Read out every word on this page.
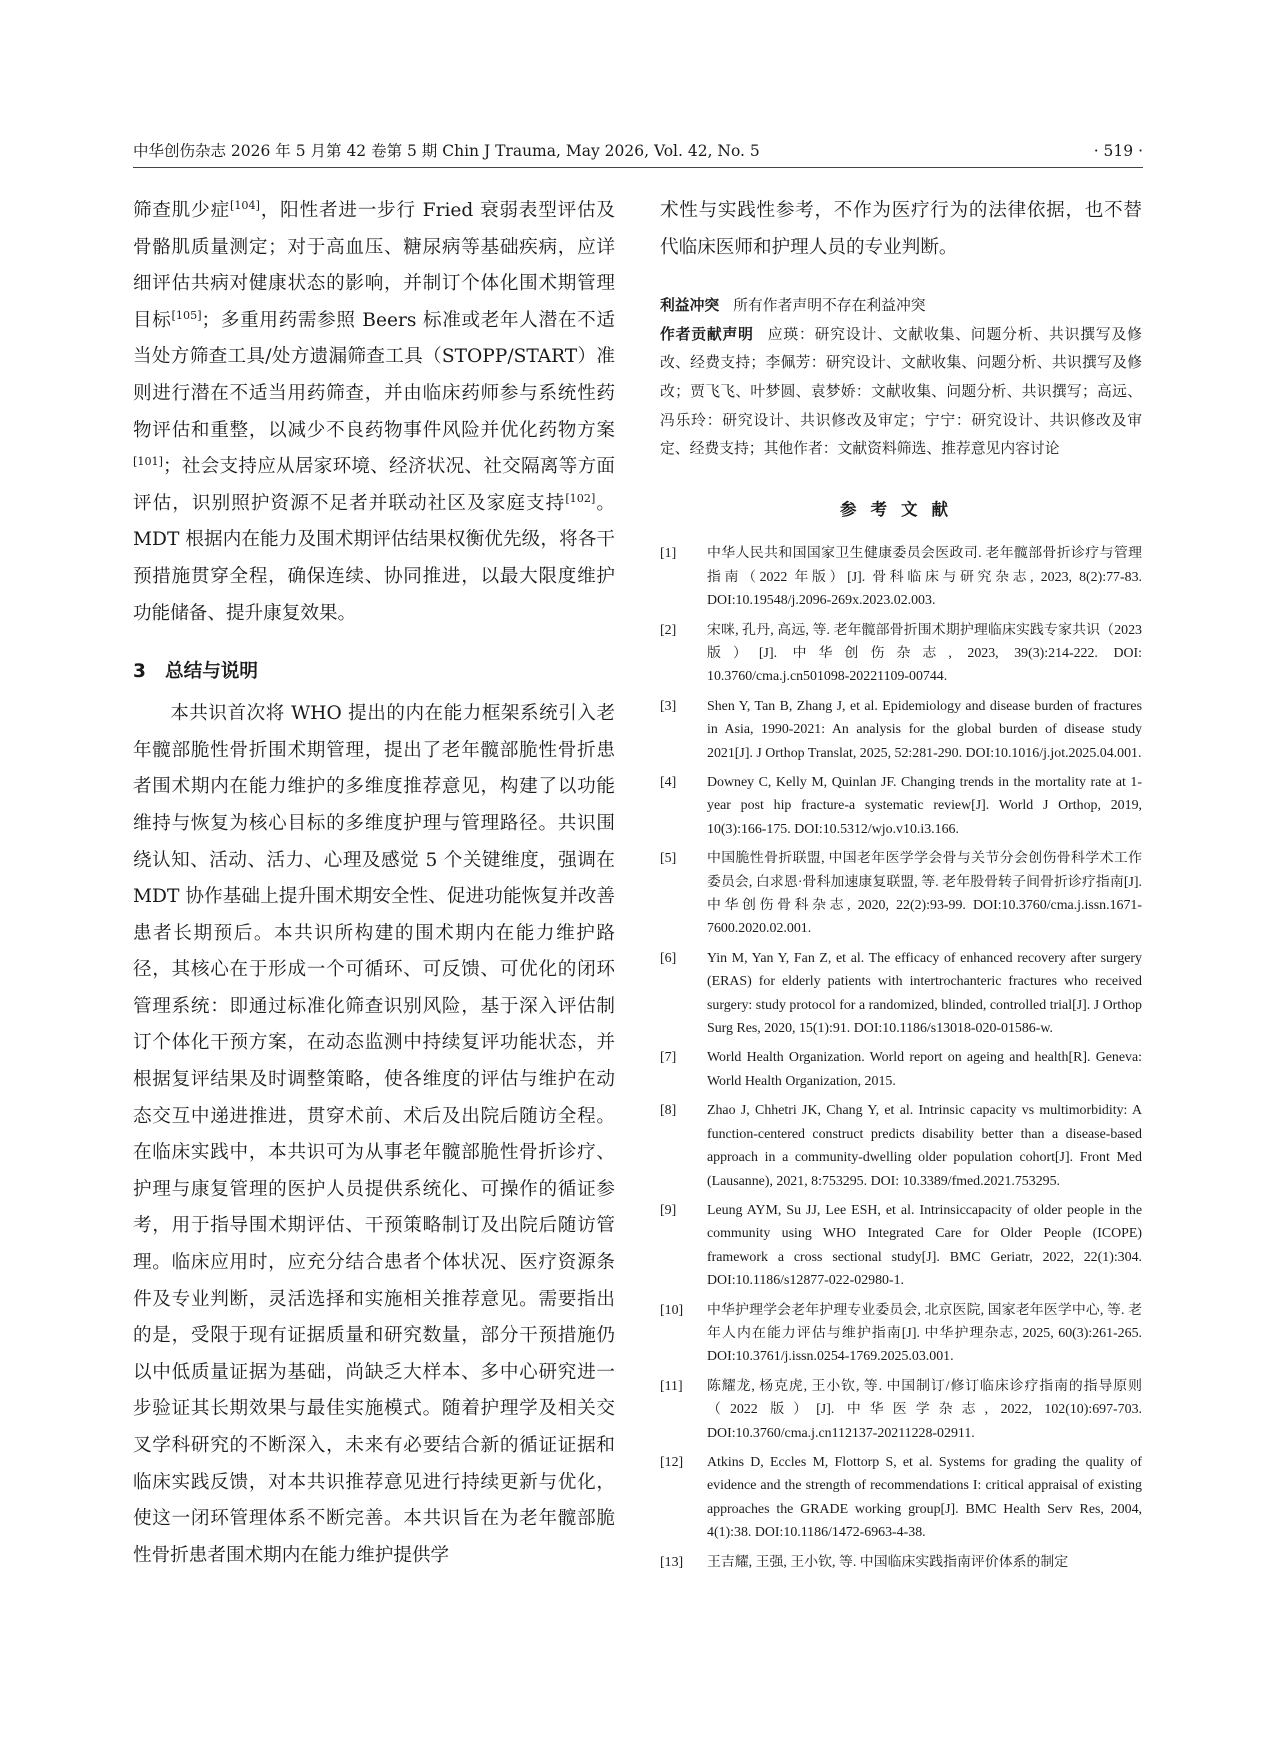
中华创伤杂志 2026 年 5 月第 42 卷第 5 期 Chin J Trauma, May 2026, Vol. 42, No. 5	· 519 ·

筛查肌少症[104]，阳性者进一步行 Fried 衰弱表型评估及骨骼肌质量测定；对于高血压、糖尿病等基础疾病，应详细评估共病对健康状态的影响，并制订个体化围术期管理目标[105]；多重用药需参照 Beers 标准或老年人潜在不适当处方筛查工具/处方遗漏筛查工具（STOPP/START）准则进行潜在不适当用药筛查，并由临床药师参与系统性药物评估和重整，以减少不良药物事件风险并优化药物方案[101]；社会支持应从居家环境、经济状况、社交隔离等方面评估，识别照护资源不足者并联动社区及家庭支持[102]。MDT 根据内在能力及围术期评估结果权衡优先级，将各干预措施贯穿全程，确保连续、协同推进，以最大限度维护功能储备、提升康复效果。

3 总结与说明

本共识首次将 WHO 提出的内在能力框架系统引入老年髋部脆性骨折围术期管理，提出了老年髋部脆性骨折患者围术期内在能力维护的多维度推荐意见，构建了以功能维持与恢复为核心目标的多维度护理与管理路径。共识围绕认知、活动、活力、心理及感觉 5 个关键维度，强调在 MDT 协作基础上提升围术期安全性、促进功能恢复并改善患者长期预后。本共识所构建的围术期内在能力维护路径，其核心在于形成一个可循环、可反馈、可优化的闭环管理系统：即通过标准化筛查识别风险，基于深入评估制订个体化干预方案，在动态监测中持续复评功能状态，并根据复评结果及时调整策略，使各维度的评估与维护在动态交互中递进推进，贯穿术前、术后及出院后随访全程。在临床实践中，本共识可为从事老年髋部脆性骨折诊疗、护理与康复管理的医护人员提供系统化、可操作的循证参考，用于指导围术期评估、干预策略制订及出院后随访管理。临床应用时，应充分结合患者个体状况、医疗资源条件及专业判断，灵活选择和实施相关推荐意见。需要指出的是，受限于现有证据质量和研究数量，部分干预措施仍以中低质量证据为基础，尚缺乏大样本、多中心研究进一步验证其长期效果与最佳实施模式。随着护理学及相关交叉学科研究的不断深入，未来有必要结合新的循证证据和临床实践反馈，对本共识推荐意见进行持续更新与优化，使这一闭环管理体系不断完善。本共识旨在为老年髋部脆性骨折患者围术期内在能力维护提供学

术性与实践性参考，不作为医疗行为的法律依据，也不替代临床医师和护理人员的专业判断。

利益冲突 所有作者声明不存在利益冲突

作者贡献声明 应瑛：研究设计、文献收集、问题分析、共识撰写及修改、经费支持；李佩芳：研究设计、文献收集、问题分析、共识撰写及修改；贾飞飞、叶梦圆、袁梦娇：文献收集、问题分析、共识撰写；高远、冯乐玲：研究设计、共识修改及审定；宁宁：研究设计、共识修改及审定、经费支持；其他作者：文献资料筛选、推荐意见内容讨论

参考文献
[1]	中华人民共和国国家卫生健康委员会医政司. 老年髋部骨折诊疗与管理指南（2022 年版）[J]. 骨科临床与研究杂志, 2023, 8(2):77-83. DOI:10.19548/j.2096-269x.2023.02.003.
[2]	宋咪, 孔丹, 高远, 等. 老年髋部骨折围术期护理临床实践专家共识（2023 版）[J]. 中华创伤杂志, 2023, 39(3):214-222. DOI: 10.3760/cma.j.cn501098-20221109-00744.
[3]	Shen Y, Tan B, Zhang J, et al. Epidemiology and disease burden of fractures in Asia, 1990-2021: An analysis for the global burden of disease study 2021[J]. J Orthop Translat, 2025, 52:281-290. DOI:10.1016/j.jot.2025.04.001.
[4]	Downey C, Kelly M, Quinlan JF. Changing trends in the mortality rate at 1-year post hip fracture-a systematic review[J]. World J Orthop, 2019, 10(3):166-175. DOI:10.5312/wjo.v10.i3.166.
[5]	中国脆性骨折联盟, 中国老年医学学会骨与关节分会创伤骨科学术工作委员会, 白求恩·骨科加速康复联盟, 等. 老年股骨转子间骨折诊疗指南[J]. 中华创伤骨科杂志, 2020, 22(2):93-99. DOI:10.3760/cma.j.issn.1671-7600.2020.02.001.
[6]	Yin M, Yan Y, Fan Z, et al. The efficacy of enhanced recovery after surgery (ERAS) for elderly patients with intertrochanteric fractures who received surgery: study protocol for a randomized, blinded, controlled trial[J]. J Orthop Surg Res, 2020, 15(1):91. DOI:10.1186/s13018-020-01586-w.
[7]	World Health Organization. World report on ageing and health[R]. Geneva: World Health Organization, 2015.
[8]	Zhao J, Chhetri JK, Chang Y, et al. Intrinsic capacity vs multimorbidity: A function-centered construct predicts disability better than a disease-based approach in a community-dwelling older population cohort[J]. Front Med (Lausanne), 2021, 8:753295. DOI: 10.3389/fmed.2021.753295.
[9]	Leung AYM, Su JJ, Lee ESH, et al. Intrinsiccapacity of older people in the community using WHO Integrated Care for Older People (ICOPE) framework a cross sectional study[J]. BMC Geriatr, 2022, 22(1):304. DOI:10.1186/s12877-022-02980-1.
[10]	中华护理学会老年护理专业委员会, 北京医院, 国家老年医学中心, 等. 老年人内在能力评估与维护指南[J]. 中华护理杂志, 2025, 60(3):261-265. DOI:10.3761/j.issn.0254-1769.2025.03.001.
[11]	陈耀龙, 杨克虎, 王小钦, 等. 中国制订/修订临床诊疗指南的指导原则（2022 版）[J]. 中华医学杂志, 2022, 102(10):697-703. DOI:10.3760/cma.j.cn112137-20211228-02911.
[12]	Atkins D, Eccles M, Flottorp S, et al. Systems for grading the quality of evidence and the strength of recommendations I: critical appraisal of existing approaches the GRADE working group[J]. BMC Health Serv Res, 2004, 4(1):38. DOI:10.1186/1472-6963-4-38.
[13]	王吉耀, 王强, 王小钦, 等. 中国临床实践指南评价体系的制定
